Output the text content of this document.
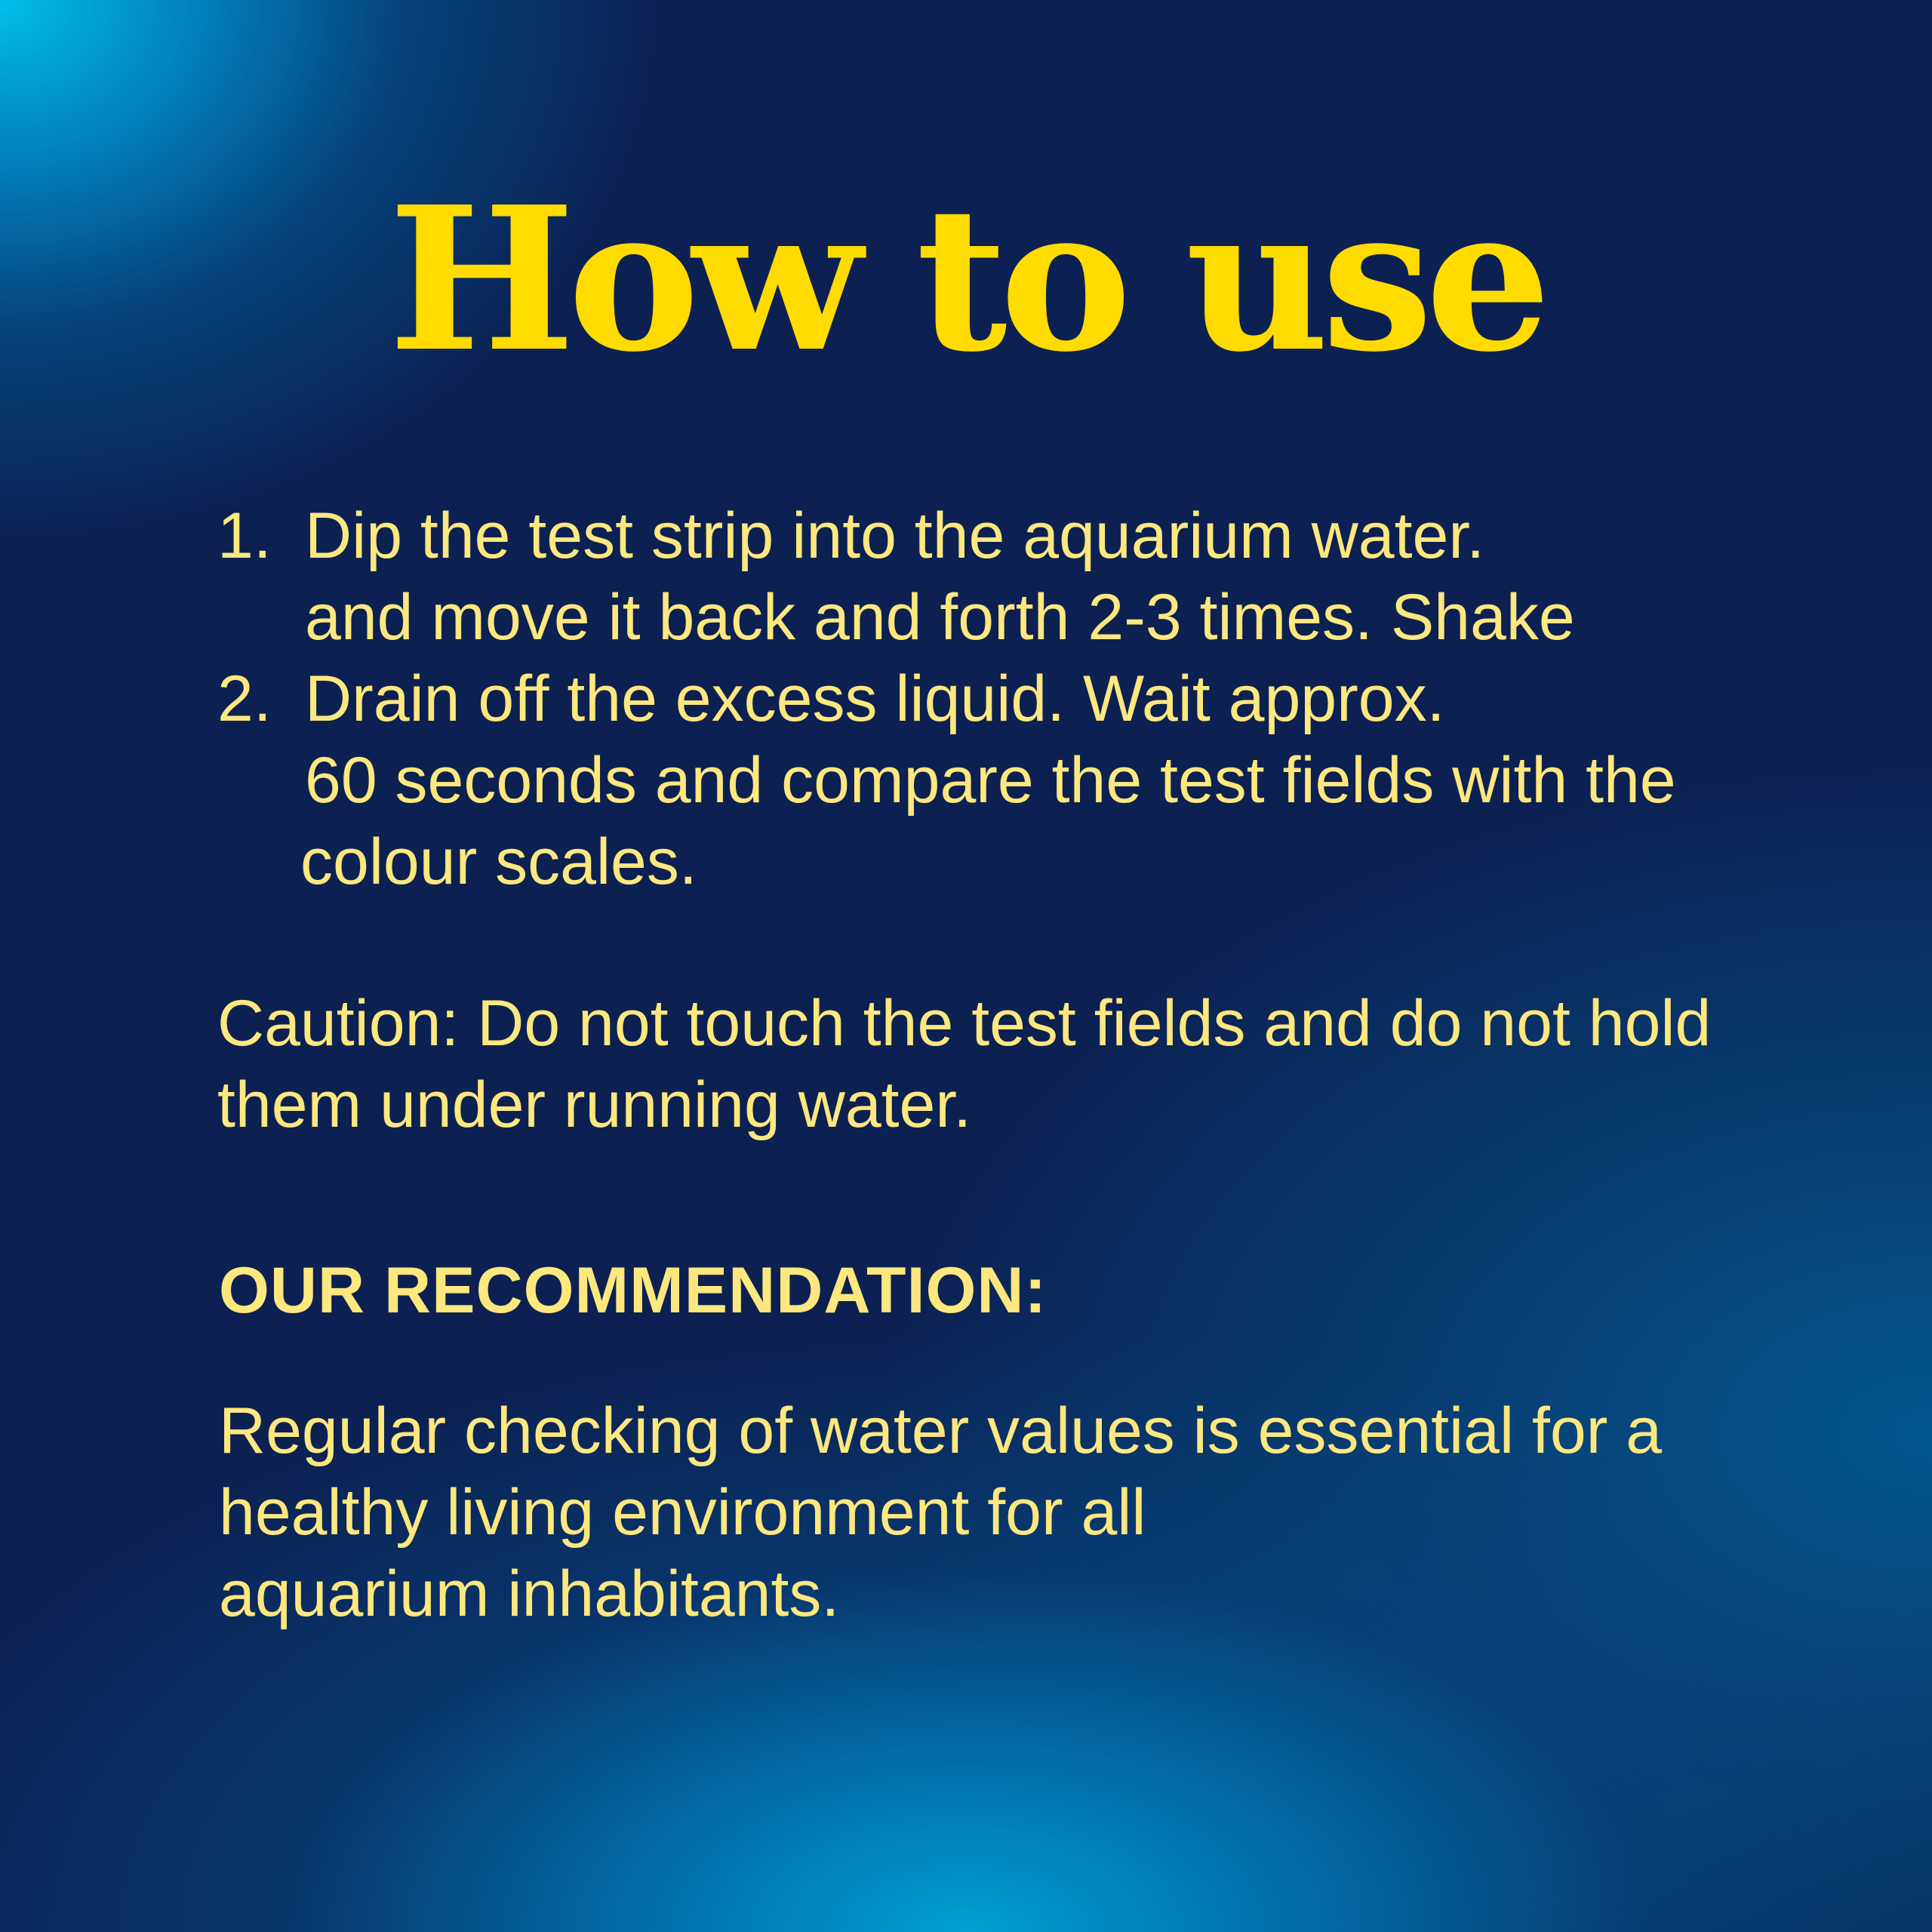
How to use
1. Dip the test strip into the aquarium water.
and move it back and forth 2-3 times. Shake
2. Drain off the excess liquid. Wait approx.
60 seconds and compare the test fields with the
colour scales.
Caution: Do not touch the test fields and do not hold
them under running water.
OUR RECOMMENDATION:
Regular checking of water values is essential for a
healthy living environment for all
aquarium inhabitants.
